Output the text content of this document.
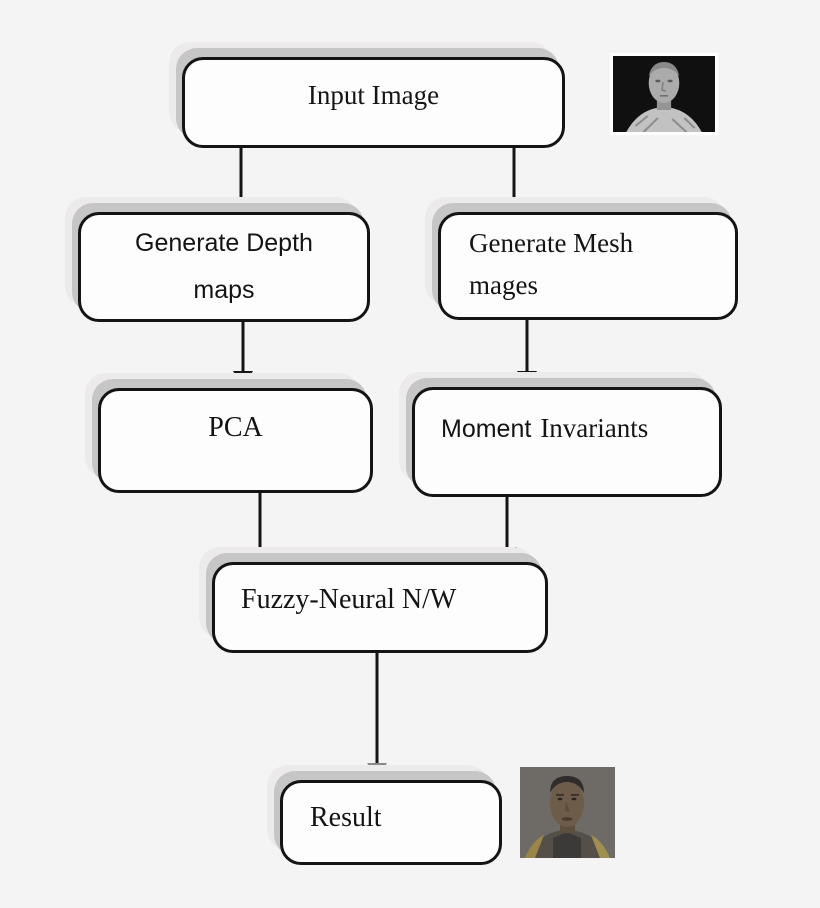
Input Image
Generate Depth
maps
Generate Mesh
mages
PCA	Moment Invariants
Fuzzy-Neural N/W
Result
